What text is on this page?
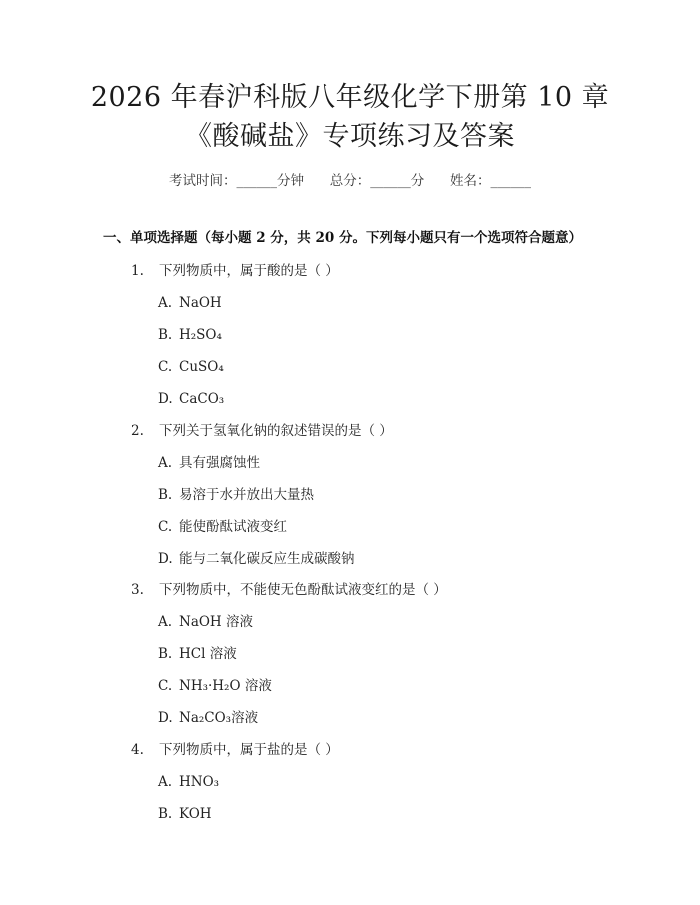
2026 年春沪科版八年级化学下册第 10 章
《酸碱盐》专项练习及答案
考试时间：______分钟      总分：______分      姓名：______
一、单项选择题（每小题 2 分，共 20 分。下列每小题只有一个选项符合题意）
1. 下列物质中，属于酸的是（ ）
A. NaOH
B. H₂SO₄
C. CuSO₄
D. CaCO₃
2. 下列关于氢氧化钠的叙述错误的是（ ）
A. 具有强腐蚀性
B. 易溶于水并放出大量热
C. 能使酚酞试液变红
D. 能与二氧化碳反应生成碳酸钠
3. 下列物质中，不能使无色酚酞试液变红的是（ ）
A. NaOH 溶液
B. HCl 溶液
C. NH₃·H₂O 溶液
D. Na₂CO₃溶液
4. 下列物质中，属于盐的是（ ）
A. HNO₃
B. KOH
